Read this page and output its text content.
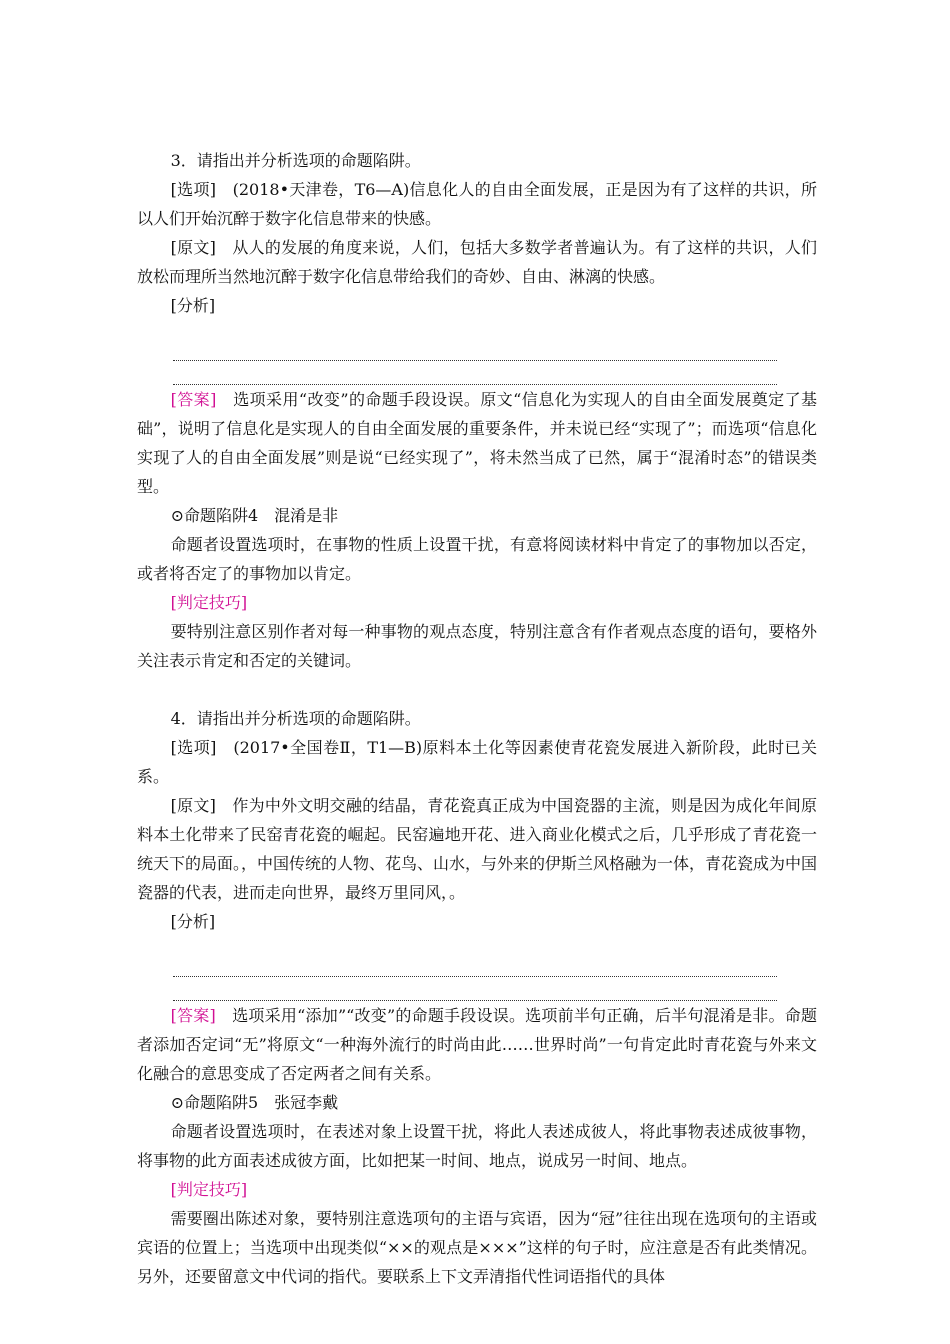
3．请指出并分析选项的命题陷阱。

[选项]　(2018•天津卷，T6—A)信息化人的自由全面发展，正是因为有了这样的共识，所以人们开始沉醉于数字化信息带来的快感。

[原文]　从人的发展的角度来说，人们，包括大多数学者普遍认为。有了这样的共识，人们放松而理所当然地沉醉于数字化信息带给我们的奇妙、自由、淋漓的快感。

[分析]

[答案]　选项采用“改变”的命题手段设误。原文“信息化为实现人的自由全面发展奠定了基础”，说明了信息化是实现人的自由全面发展的重要条件，并未说已经“实现了”；而选项“信息化实现了人的自由全面发展”则是说“已经实现了”，将未然当成了已然，属于“混淆时态”的错误类型。

⊙命题陷阱4　混淆是非

命题者设置选项时，在事物的性质上设置干扰，有意将阅读材料中肯定了的事物加以否定，或者将否定了的事物加以肯定。

[判定技巧]

要特别注意区别作者对每一种事物的观点态度，特别注意含有作者观点态度的语句，要格外关注表示肯定和否定的关键词。

4．请指出并分析选项的命题陷阱。

[选项]　(2017•全国卷Ⅱ，T1—B)原料本土化等因素使青花瓷发展进入新阶段，此时已关系。

[原文]　作为中外文明交融的结晶，青花瓷真正成为中国瓷器的主流，则是因为成化年间原料本土化带来了民窑青花瓷的崛起。民窑遍地开花、进入商业化模式之后，几乎形成了青花瓷一统天下的局面。，中国传统的人物、花鸟、山水，与外来的伊斯兰风格融为一体，青花瓷成为中国瓷器的代表，进而走向世界，最终万里同风，。

[分析]

[答案]　选项采用“添加”“改变”的命题手段设误。选项前半句正确，后半句混淆是非。命题者添加否定词“无”将原文“一种海外流行的时尚由此……世界时尚”一句肯定此时青花瓷与外来文化融合的意思变成了否定两者之间有关系。

⊙命题陷阱5　张冠李戴

命题者设置选项时，在表述对象上设置干扰，将此人表述成彼人，将此事物表述成彼事物，将事物的此方面表述成彼方面，比如把某一时间、地点，说成另一时间、地点。

[判定技巧]

需要圈出陈述对象，要特别注意选项句的主语与宾语，因为“冠”往往出现在选项句的主语或宾语的位置上；当选项中出现类似“××的观点是×××”这样的句子时，应注意是否有此类情况。另外，还要留意文中代词的指代。要联系上下文弄清指代性词语指代的具体
